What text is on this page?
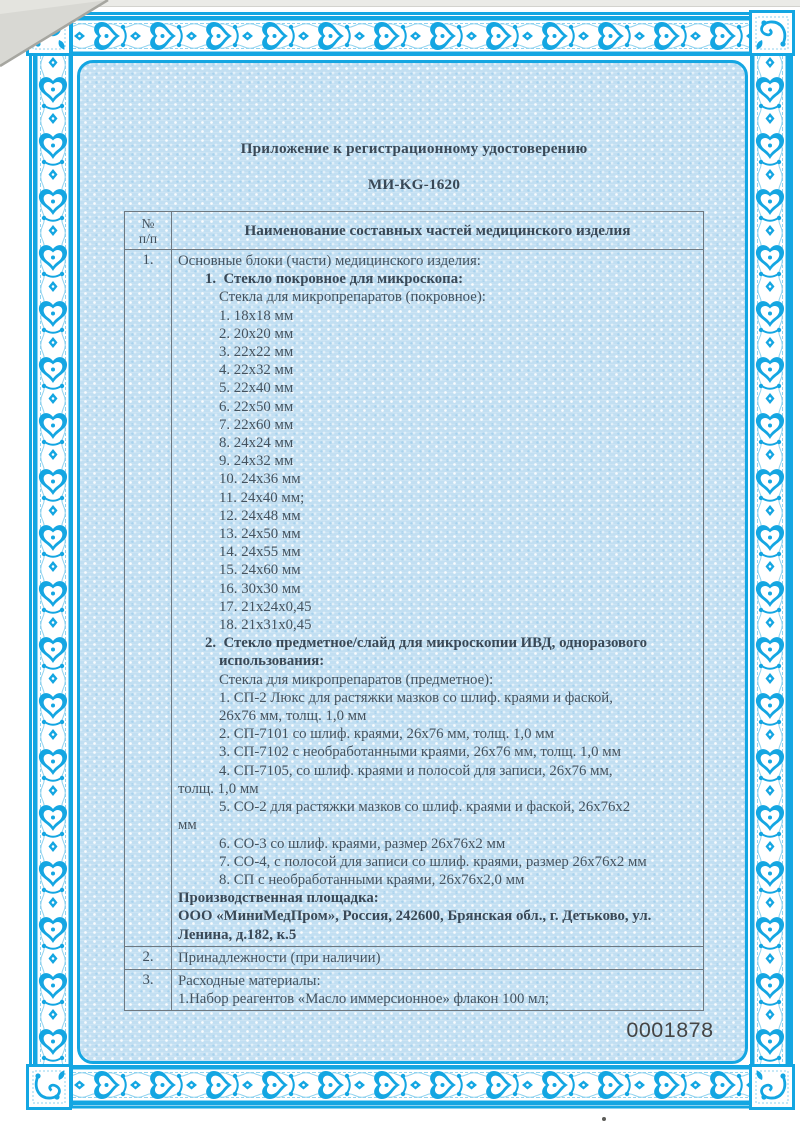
Приложение к регистрационному удостоверению
МИ-KG-1620
№
п/п	Наименование составных частей медицинского изделия
1.	Основные блоки (части) медицинского изделия:
1.  Стекло покровное для микроскопа:
Стекла для микропрепаратов (покровное):
1. 18x18 мм
2. 20x20 мм
3. 22x22 мм
4. 22x32 мм
5. 22x40 мм
6. 22x50 мм
7. 22x60 мм
8. 24x24 мм
9. 24x32 мм
10. 24x36 мм
11. 24x40 мм;
12. 24x48 мм
13. 24x50 мм
14. 24x55 мм
15. 24x60 мм
16. 30x30 мм
17. 21x24x0,45
18. 21x31x0,45
2.  Стекло предметное/слайд для микроскопии ИВД, одноразового
использования:
Стекла для микропрепаратов (предметное):
1. СП-2 Люкс для растяжки мазков со шлиф. краями и фаской,
26x76 мм, толщ. 1,0 мм
2. СП-7101 со шлиф. краями, 26x76 мм, толщ. 1,0 мм
3. СП-7102 с необработанными краями, 26x76 мм, толщ. 1,0 мм
4. СП-7105, со шлиф. краями и полосой для записи, 26x76 мм,
толщ. 1,0 мм
5. СО-2 для растяжки мазков со шлиф. краями и фаской, 26x76x2
мм
6. СО-3 со шлиф. краями, размер 26x76x2 мм
7. СО-4, с полосой для записи со шлиф. краями, размер 26x76x2 мм
8. СП с необработанными краями, 26x76x2,0 мм
Производственная площадка:
ООО «МиниМедПром», Россия, 242600, Брянская обл., г. Детьково, ул.
Ленина, д.182, к.5
2.	Принадлежности (при наличии)
3.	Расходные материалы:
1.Набор реагентов «Масло иммерсионное» флакон 100 мл;
0001878
